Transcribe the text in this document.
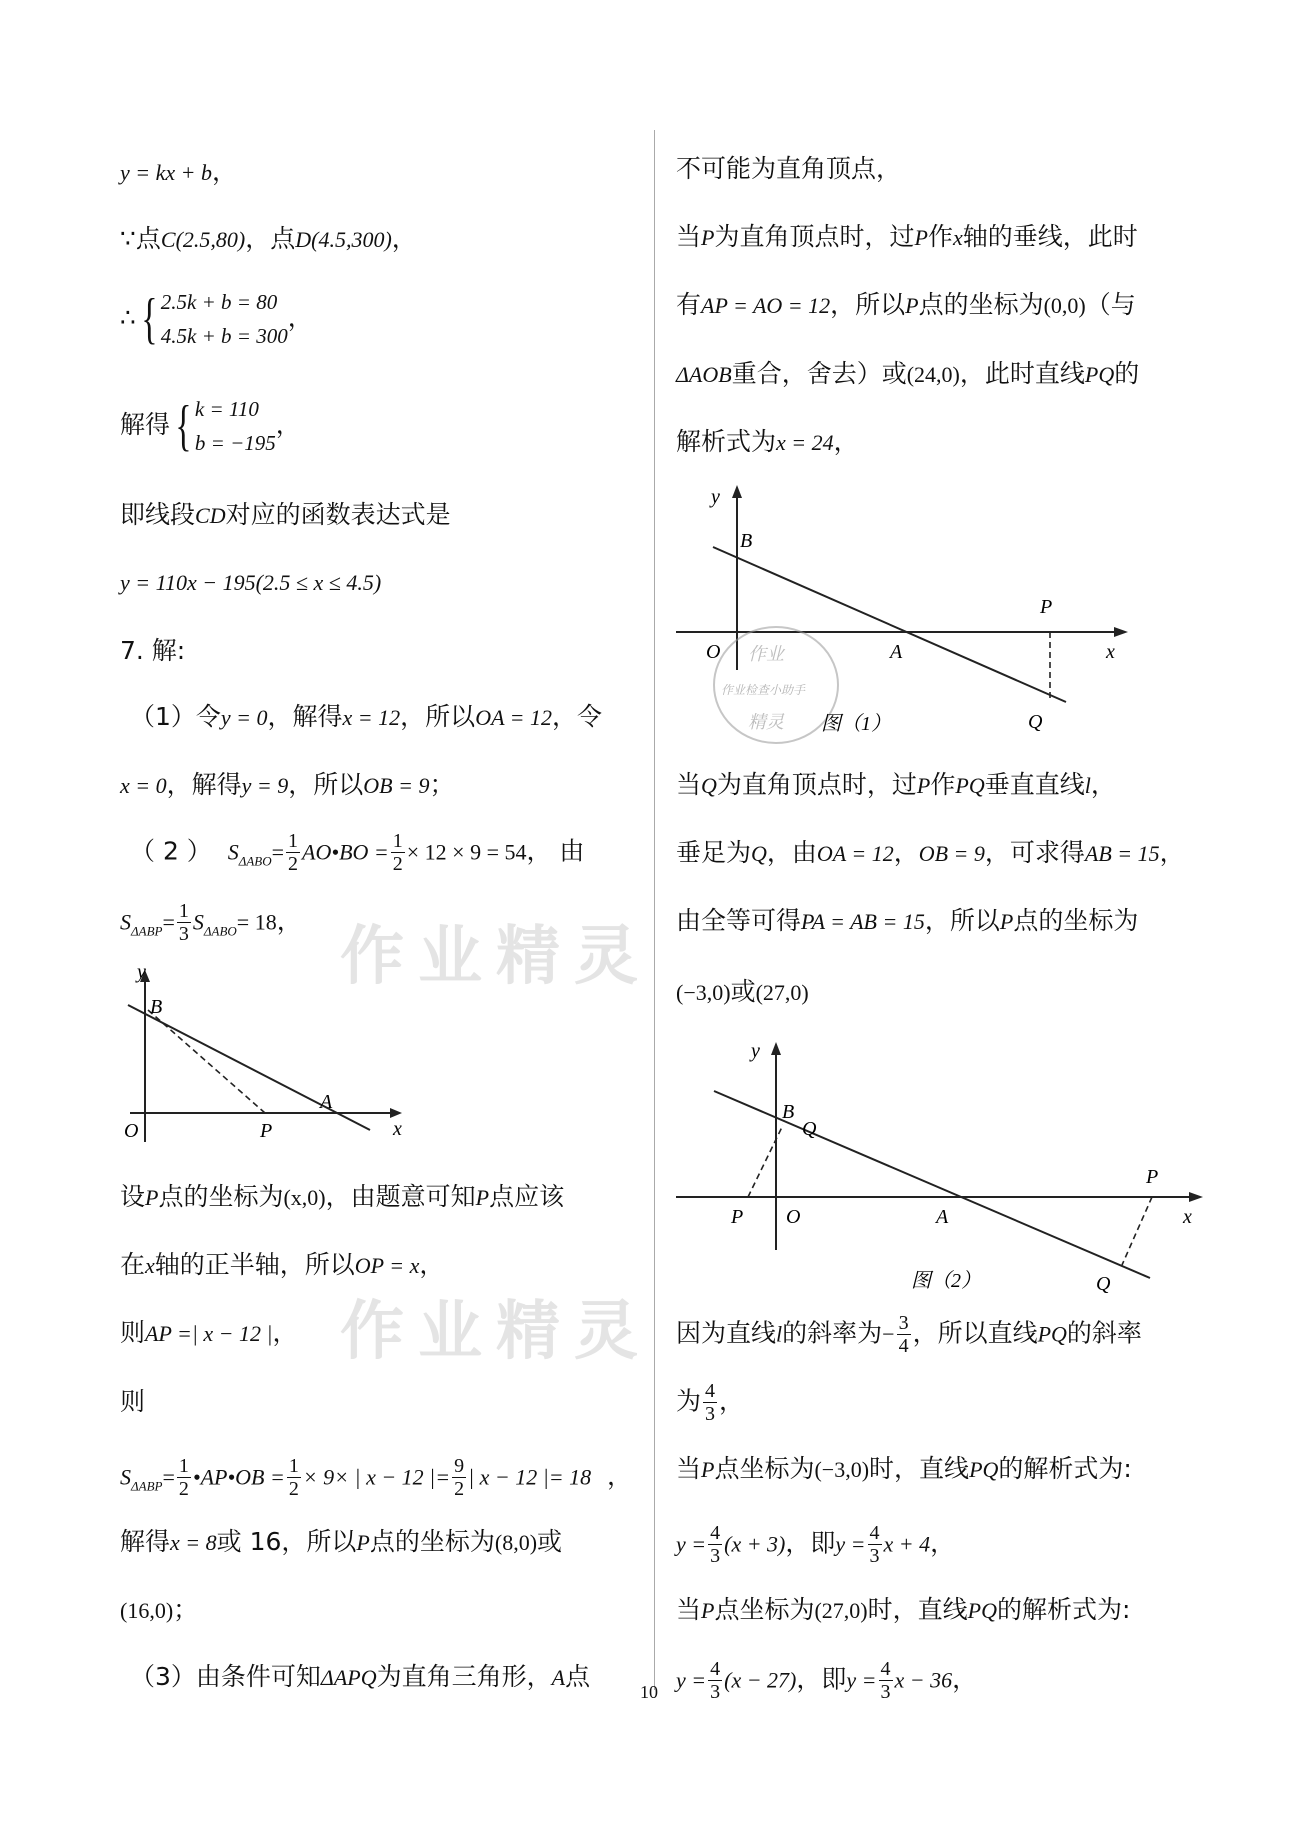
作业精灵
作业精灵
y = kx + b，
∵点C(2.5,80)，点D(4.5,300)，
∴{ 2.5k + b = 80
4.5k + b = 300，
解得{ k = 110
b = −195，
即线段CD对应的函数表达式是
y = 110x − 195(2.5 ≤ x ≤ 4.5)
7. 解:
（1）令y = 0，解得x = 12，所以OA = 12，令
x = 0，解得y = 9，所以OB = 9；
（ 2 ） $S_{\Delta ABO}= \frac{1}{2}$ AO•BO = $\frac{1}{2} \times 12 \times 9 = 54$， 由
$S_{\Delta ABP}= \frac{1}{3} S_{\Delta ABO}= 18$，
y
x
B
A
O	P
设P点的坐标为(x,0)，由题意可知P点应该
在x轴的正半轴，所以OP = x，
则AP =| x − 12 |，
则
$S_{\Delta ABP}= \frac{1}{2}$ •AP•OB = $\frac{1}{2} \times 9\times$ | x − 12 |= $\frac{9}{2}$ | x − 12 |= 18 ，
解得x = 8或 16，所以P点的坐标为(8,0)或
(16,0)；
（3）由条件可知ΔAPQ为直角三角形，A点
不可能为直角顶点，
当P为直角顶点时，过P作x轴的垂线，此时
有AP = AO = 12，所以P点的坐标为(0,0)（与
ΔAOB重合，舍去）或(24,0)，此时直线PQ的
解析式为x = 24，
y
x
B
A
O
P
Q
作业
作业检查小助手
精灵 图（1）
当Q为直角顶点时，过P作PQ垂直直线l，
垂足为Q，由OA = 12，OB = 9，可求得AB = 15，
由全等可得PA = AB = 15，所以P点的坐标为
(−3,0)或(27,0)
y
x
B
Q
A
O
P
P
Q
图（2）
因为直线l的斜率为− $\frac{3}{4}$ ，所以直线PQ的斜率
为 $\frac{4}{3}$ ，
当P点坐标为(−3,0)时，直线PQ的解析式为:
$y = \frac{4}{3} (x + 3)$，即$y = \frac{4}{3}$ x + 4，
当P点坐标为(27,0)时，直线PQ的解析式为:
$y = \frac{4}{3} (x - 27)$，即$y = \frac{4}{3}$ x − 36，
10
